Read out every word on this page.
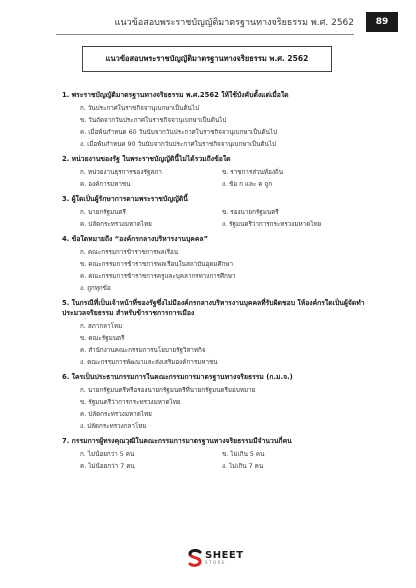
แนวข้อสอบพระราชบัญญัติมาตรฐานทางจริยธรรม พ.ศ. 2562	89
แนวข้อสอบพระราชบัญญัติมาตรฐานทางจริยธรรม พ.ศ. 2562
1. พระราชบัญญัติมาตรฐานทางจริยธรรม พ.ศ.2562 ให้ใช้บังคับตั้งแต่เมื่อใด
ก. วันประกาศในราชกิจจานุเบกษาเป็นต้นไป
ข. วันถัดจากวันประกาศในราชกิจจานุเบกษาเป็นต้นไป
ค. เมื่อพ้นกำหนด 60 วันนับจากวันประกาศในราชกิจจานุเบกษาเป็นต้นไป
ง. เมื่อพ้นกำหนด 90 วันนับจากวันประกาศในราชกิจจานุเบกษาเป็นต้นไป
2. หน่วยงานของรัฐ ในพระราชบัญญัตินี้ไม่ได้รวมถึงข้อใด
ก. หน่วยงานธุรการของรัฐสภา	ข. ราชการส่วนท้องถิ่น
ค. องค์การมหาชน	ง. ข้อ ก และ ค ถูก
3. ผู้ใดเป็นผู้รักษาการตามพระราชบัญญัตินี้
ก. นายกรัฐมนตรี	ข. รองนายกรัฐมนตรี
ค. ปลัดกระทรวงมหาดไทย	ง. รัฐมนตรีว่าการกระทรวงมหาดไทย
4. ข้อใดหมายถึง “องค์กรกลางบริหารงานบุคคล”
ก. คณะกรรมการข้าราชการพลเรือน
ข. คณะกรรมการข้าราชการพลเรือนในสถาบันอุดมศึกษา
ค. คณะกรรมการข้าราชการครูและบุคลากรทางการศึกษา
ง. ถูกทุกข้อ
5. ในกรณีที่เป็นเจ้าหน้าที่ของรัฐซึ่งไม่มีองค์กรกลางบริหารงานบุคคลที่รับผิดชอบ ให้องค์กรใดเป็นผู้จัดทำประมวลจริยธรรม สำหรับข้าราชการการเมือง
ก. สภากลาโหม
ข. คณะรัฐมนตรี
ค. สำนักงานคณะกรรมการนโยบายรัฐวิสาหกิจ
ง. คณะกรรมการพัฒนาและส่งเสริมองค์การมหาชน
6. ใครเป็นประธานกรรมการในคณะกรรมการมาตรฐานทางจริยธรรม (ก.ม.จ.)
ก. นายกรัฐมนตรีหรือรองนายกรัฐมนตรีที่นายกรัฐมนตรีมอบหมาย
ข. รัฐมนตรีว่าการกระทรวงมหาดไทย
ค. ปลัดกระทรวงมหาดไทย
ง. ปลัดกระทรวงกลาโหม
7. กรรมการผู้ทรงคุณวุฒิในคณะกรรมการมาตรฐานทางจริยธรรมมีจำนวนกี่คน
ก. ไม่น้อยกว่า 5 คน	ข. ไม่เกิน 5 คน
ค. ไม่น้อยกว่า 7 คน	ง. ไม่เกิน 7 คน
SHEET
STORE
